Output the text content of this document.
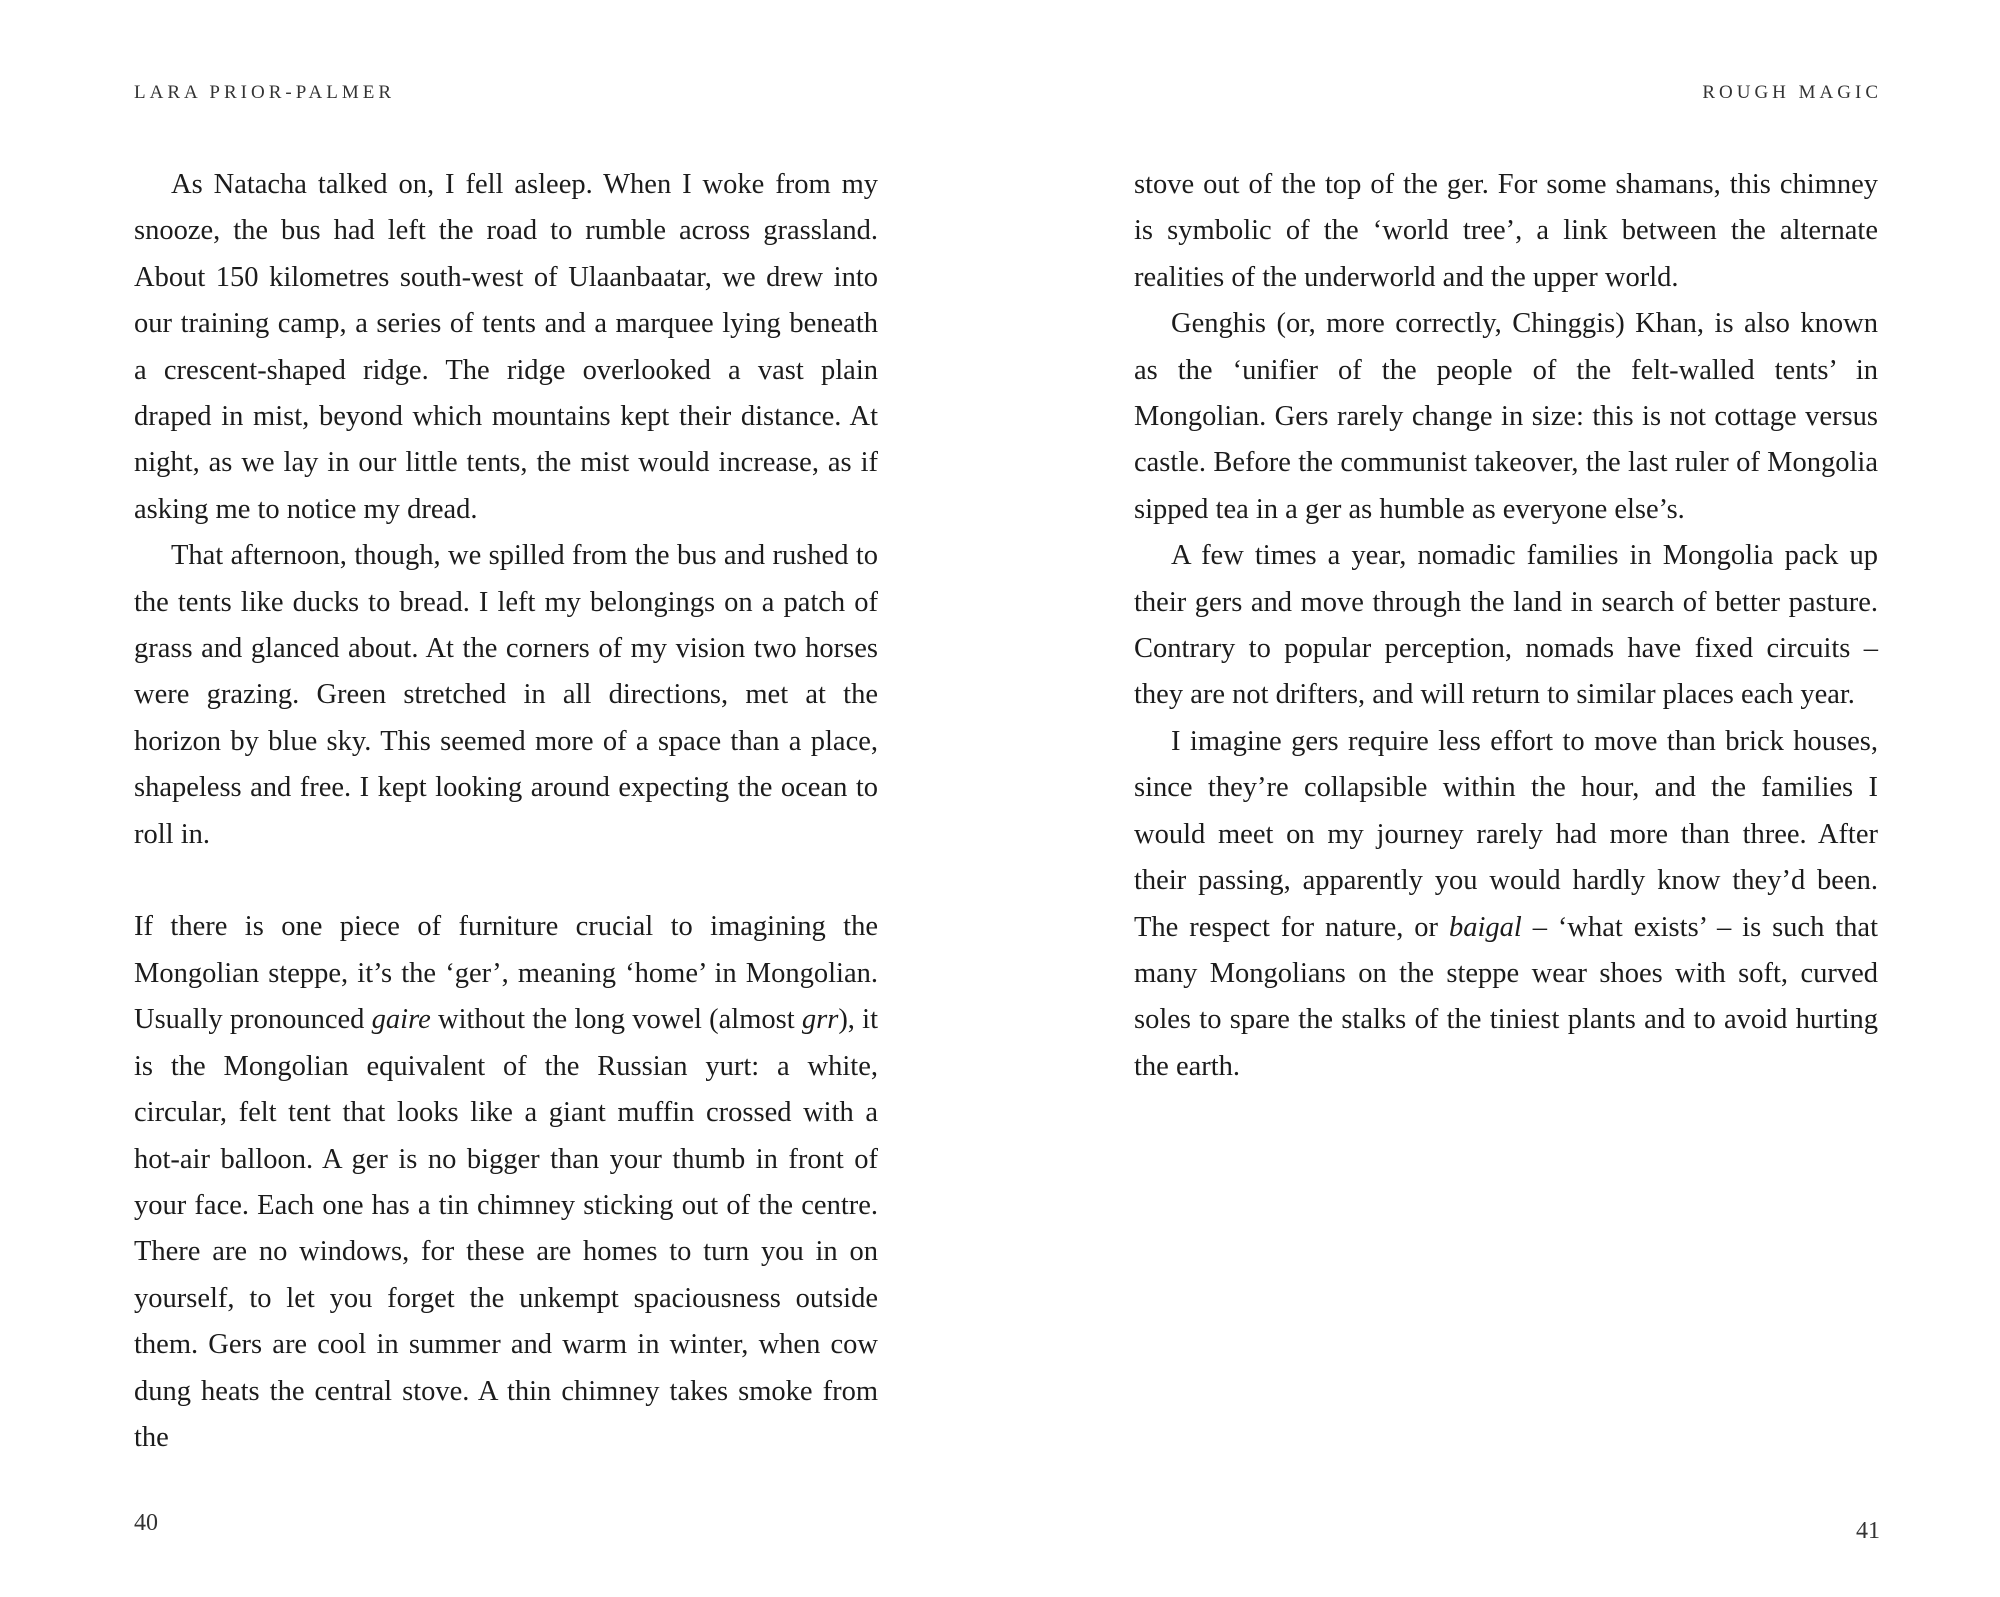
LARA PRIOR-PALMER

As Natacha talked on, I fell asleep. When I woke from my snooze, the bus had left the road to rumble across grassland. About 150 kilometres south-west of Ulaanbaatar, we drew into our training camp, a series of tents and a marquee lying beneath a crescent-shaped ridge. The ridge overlooked a vast plain draped in mist, beyond which mountains kept their distance. At night, as we lay in our little tents, the mist would increase, as if asking me to notice my dread.

That afternoon, though, we spilled from the bus and rushed to the tents like ducks to bread. I left my belongings on a patch of grass and glanced about. At the corners of my vision two horses were grazing. Green stretched in all directions, met at the horizon by blue sky. This seemed more of a space than a place, shapeless and free. I kept looking around expecting the ocean to roll in.

If there is one piece of furniture crucial to imagining the Mongolian steppe, it’s the ‘ger’, meaning ‘home’ in Mongolian. Usually pronounced gaire without the long vowel (almost grr), it is the Mongolian equivalent of the Russian yurt: a white, circular, felt tent that looks like a giant muffin crossed with a hot-air balloon. A ger is no bigger than your thumb in front of your face. Each one has a tin chimney sticking out of the centre. There are no windows, for these are homes to turn you in on yourself, to let you forget the unkempt spaciousness outside them. Gers are cool in summer and warm in winter, when cow dung heats the central stove. A thin chimney takes smoke from the

40
ROUGH MAGIC

stove out of the top of the ger. For some shamans, this chimney is symbolic of the ‘world tree’, a link between the alternate realities of the underworld and the upper world.

Genghis (or, more correctly, Chinggis) Khan, is also known as the ‘unifier of the people of the felt-walled tents’ in Mongolian. Gers rarely change in size: this is not cottage versus castle. Before the communist takeover, the last ruler of Mongolia sipped tea in a ger as humble as everyone else’s.

A few times a year, nomadic families in Mongolia pack up their gers and move through the land in search of better pasture. Contrary to popular perception, nomads have fixed circuits – they are not drifters, and will return to similar places each year.

I imagine gers require less effort to move than brick houses, since they’re collapsible within the hour, and the families I would meet on my journey rarely had more than three. After their passing, apparently you would hardly know they’d been. The respect for nature, or baigal – ‘what exists’ – is such that many Mongolians on the steppe wear shoes with soft, curved soles to spare the stalks of the tiniest plants and to avoid hurting the earth.

41
